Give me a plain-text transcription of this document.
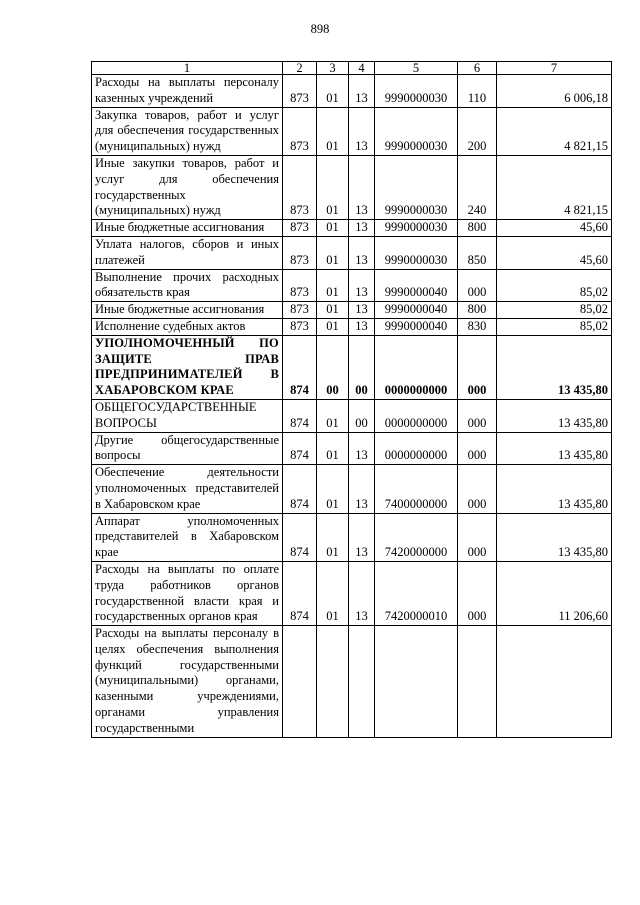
898
1	2	3	4	5	6	7
Расходы на выплаты персоналу казенных учреждений	873	01	13	9990000030	110	6 006,18
Закупка товаров, работ и услуг для обеспечения государственных (муниципальных) нужд	873	01	13	9990000030	200	4 821,15
Иные закупки товаров, работ и услуг для обеспечения государственных (муниципальных) нужд	873	01	13	9990000030	240	4 821,15
Иные бюджетные ассигнования	873	01	13	9990000030	800	45,60
Уплата налогов, сборов и иных платежей	873	01	13	9990000030	850	45,60
Выполнение прочих расходных обязательств края	873	01	13	9990000040	000	85,02
Иные бюджетные ассигнования	873	01	13	9990000040	800	85,02
Исполнение судебных актов	873	01	13	9990000040	830	85,02
УПОЛНОМОЧЕННЫЙ ПО ЗАЩИТЕ ПРАВ ПРЕДПРИНИМАТЕЛЕЙ В ХАБАРОВСКОМ КРАЕ	874	00	00	0000000000	000	13 435,80
ОБЩЕГОСУДАРСТВЕННЫЕ ВОПРОСЫ	874	01	00	0000000000	000	13 435,80
Другие общегосударственные вопросы	874	01	13	0000000000	000	13 435,80
Обеспечение деятельности уполномоченных представителей в Хабаровском крае	874	01	13	7400000000	000	13 435,80
Аппарат уполномоченных представителей в Хабаровском крае	874	01	13	7420000000	000	13 435,80
Расходы на выплаты по оплате труда работников органов государственной власти края и государственных органов края	874	01	13	7420000010	000	11 206,60
Расходы на выплаты персоналу в целях обеспечения выполнения функций государственными (муниципальными) органами, казенными учреждениями, органами управления государственными						
